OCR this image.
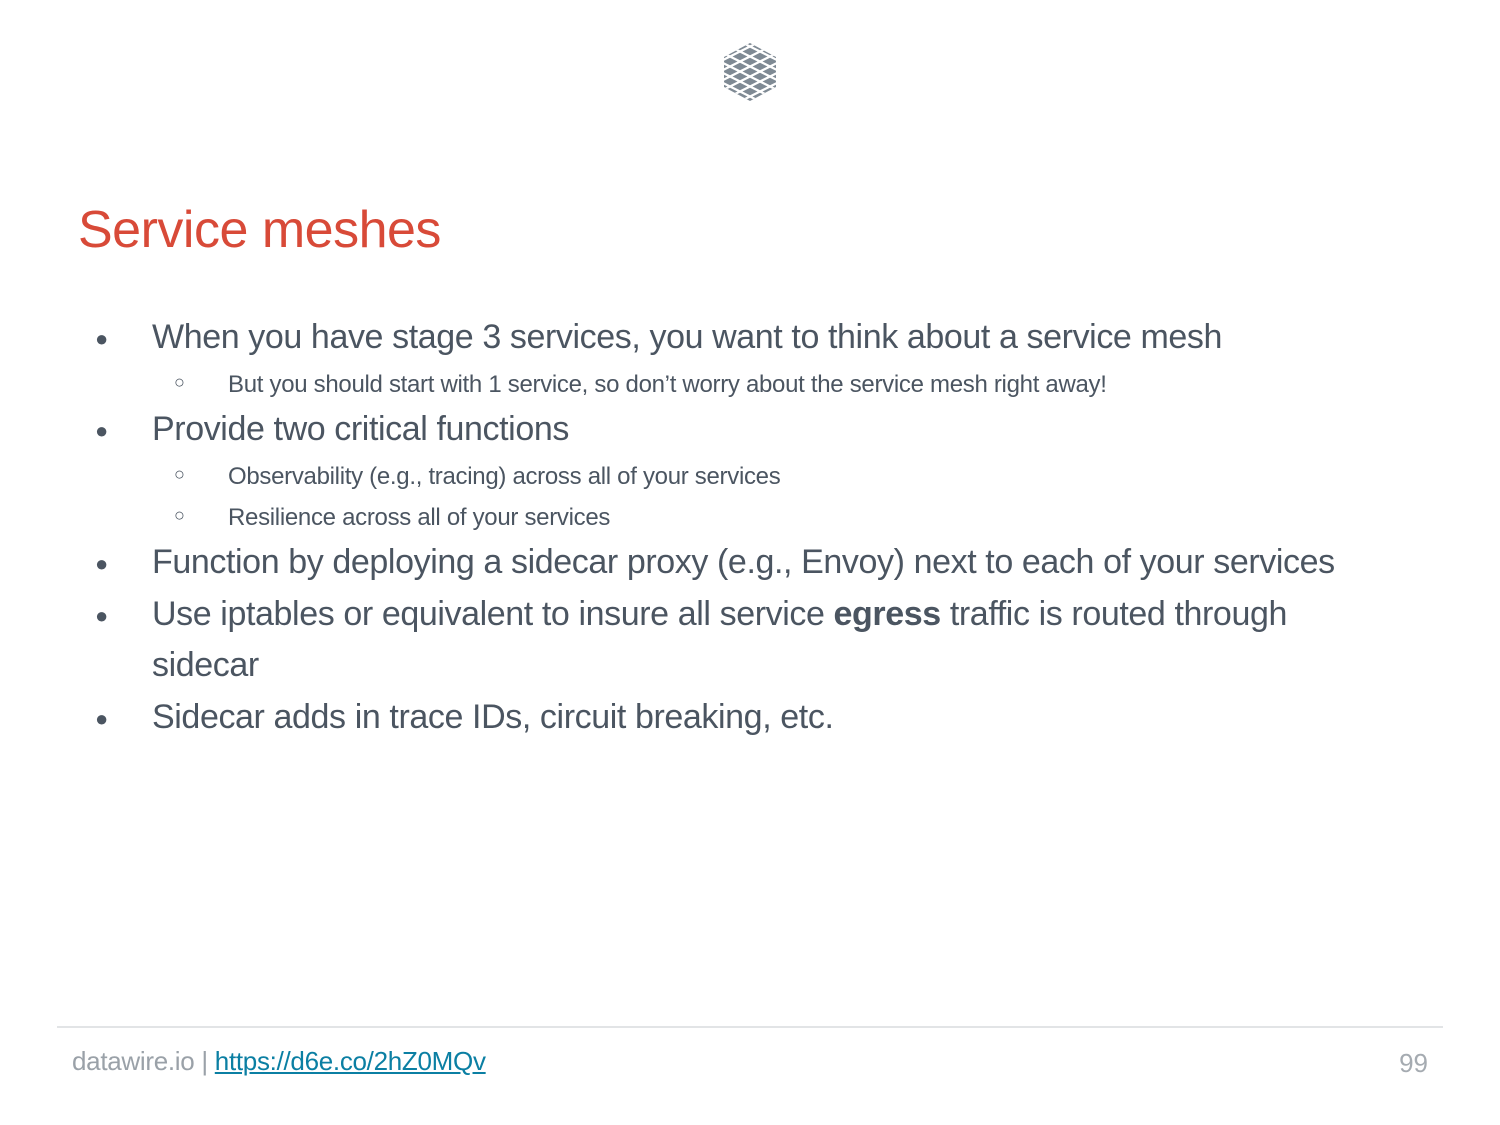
Service meshes
● When you have stage 3 services, you want to think about a service mesh
○ But you should start with 1 service, so don’t worry about the service mesh right away!
● Provide two critical functions
○ Observability (e.g., tracing) across all of your services
○ Resilience across all of your services
● Function by deploying a sidecar proxy (e.g., Envoy) next to each of your services
● Use iptables or equivalent to insure all service egress traffic is routed through
sidecar
● Sidecar adds in trace IDs, circuit breaking, etc.
datawire.io | https://d6e.co/2hZ0MQv	99
